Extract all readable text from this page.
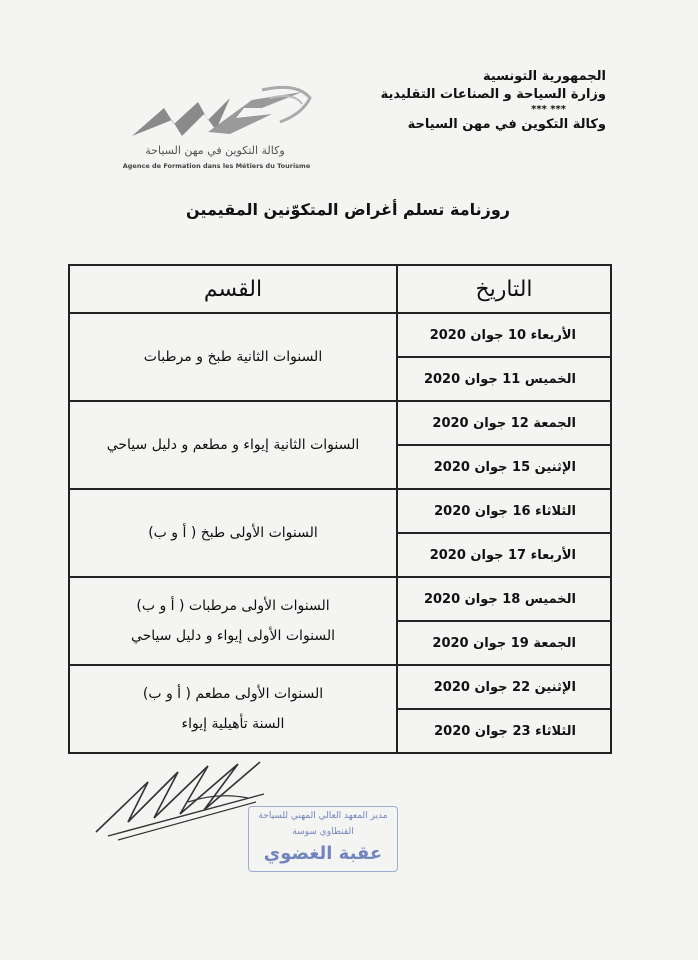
الجمهورية التونسية
وزارة السياحة و الصناعات التقليدية
*** ***
وكالة التكوين في مهن السياحة
وكالة التكوين في مهن السياحة
Agence de Formation dans les Métiers du Tourisme
روزنامة تسلم أغراض المتكوّنين المقيمين
التاريخ	القسم
الأربعاء 10 جوان 2020	السنوات الثانية طبخ و مرطبات

الخميس 11 جوان 2020	
الجمعة 12 جوان 2020	السنوات الثانية إيواء و مطعم و دليل سياحي

الإثنين 15 جوان 2020	
الثلاثاء 16 جوان 2020	السنوات الأولى طبخ ( أ و ب)

الأربعاء 17 جوان 2020	
الخميس 18 جوان 2020	السنوات الأولى مرطبات ( أ و ب)
السنوات الأولى إيواء و دليل سياحي

الجمعة 19 جوان 2020	
الإثنين 22 جوان 2020	السنوات الأولى مطعم ( أ و ب)
السنة تأهيلية إيواء

الثلاثاء 23 جوان 2020	
مدير المعهد العالي المهني للسياحة
القنطاوي سوسة
عقبة الغضوي
